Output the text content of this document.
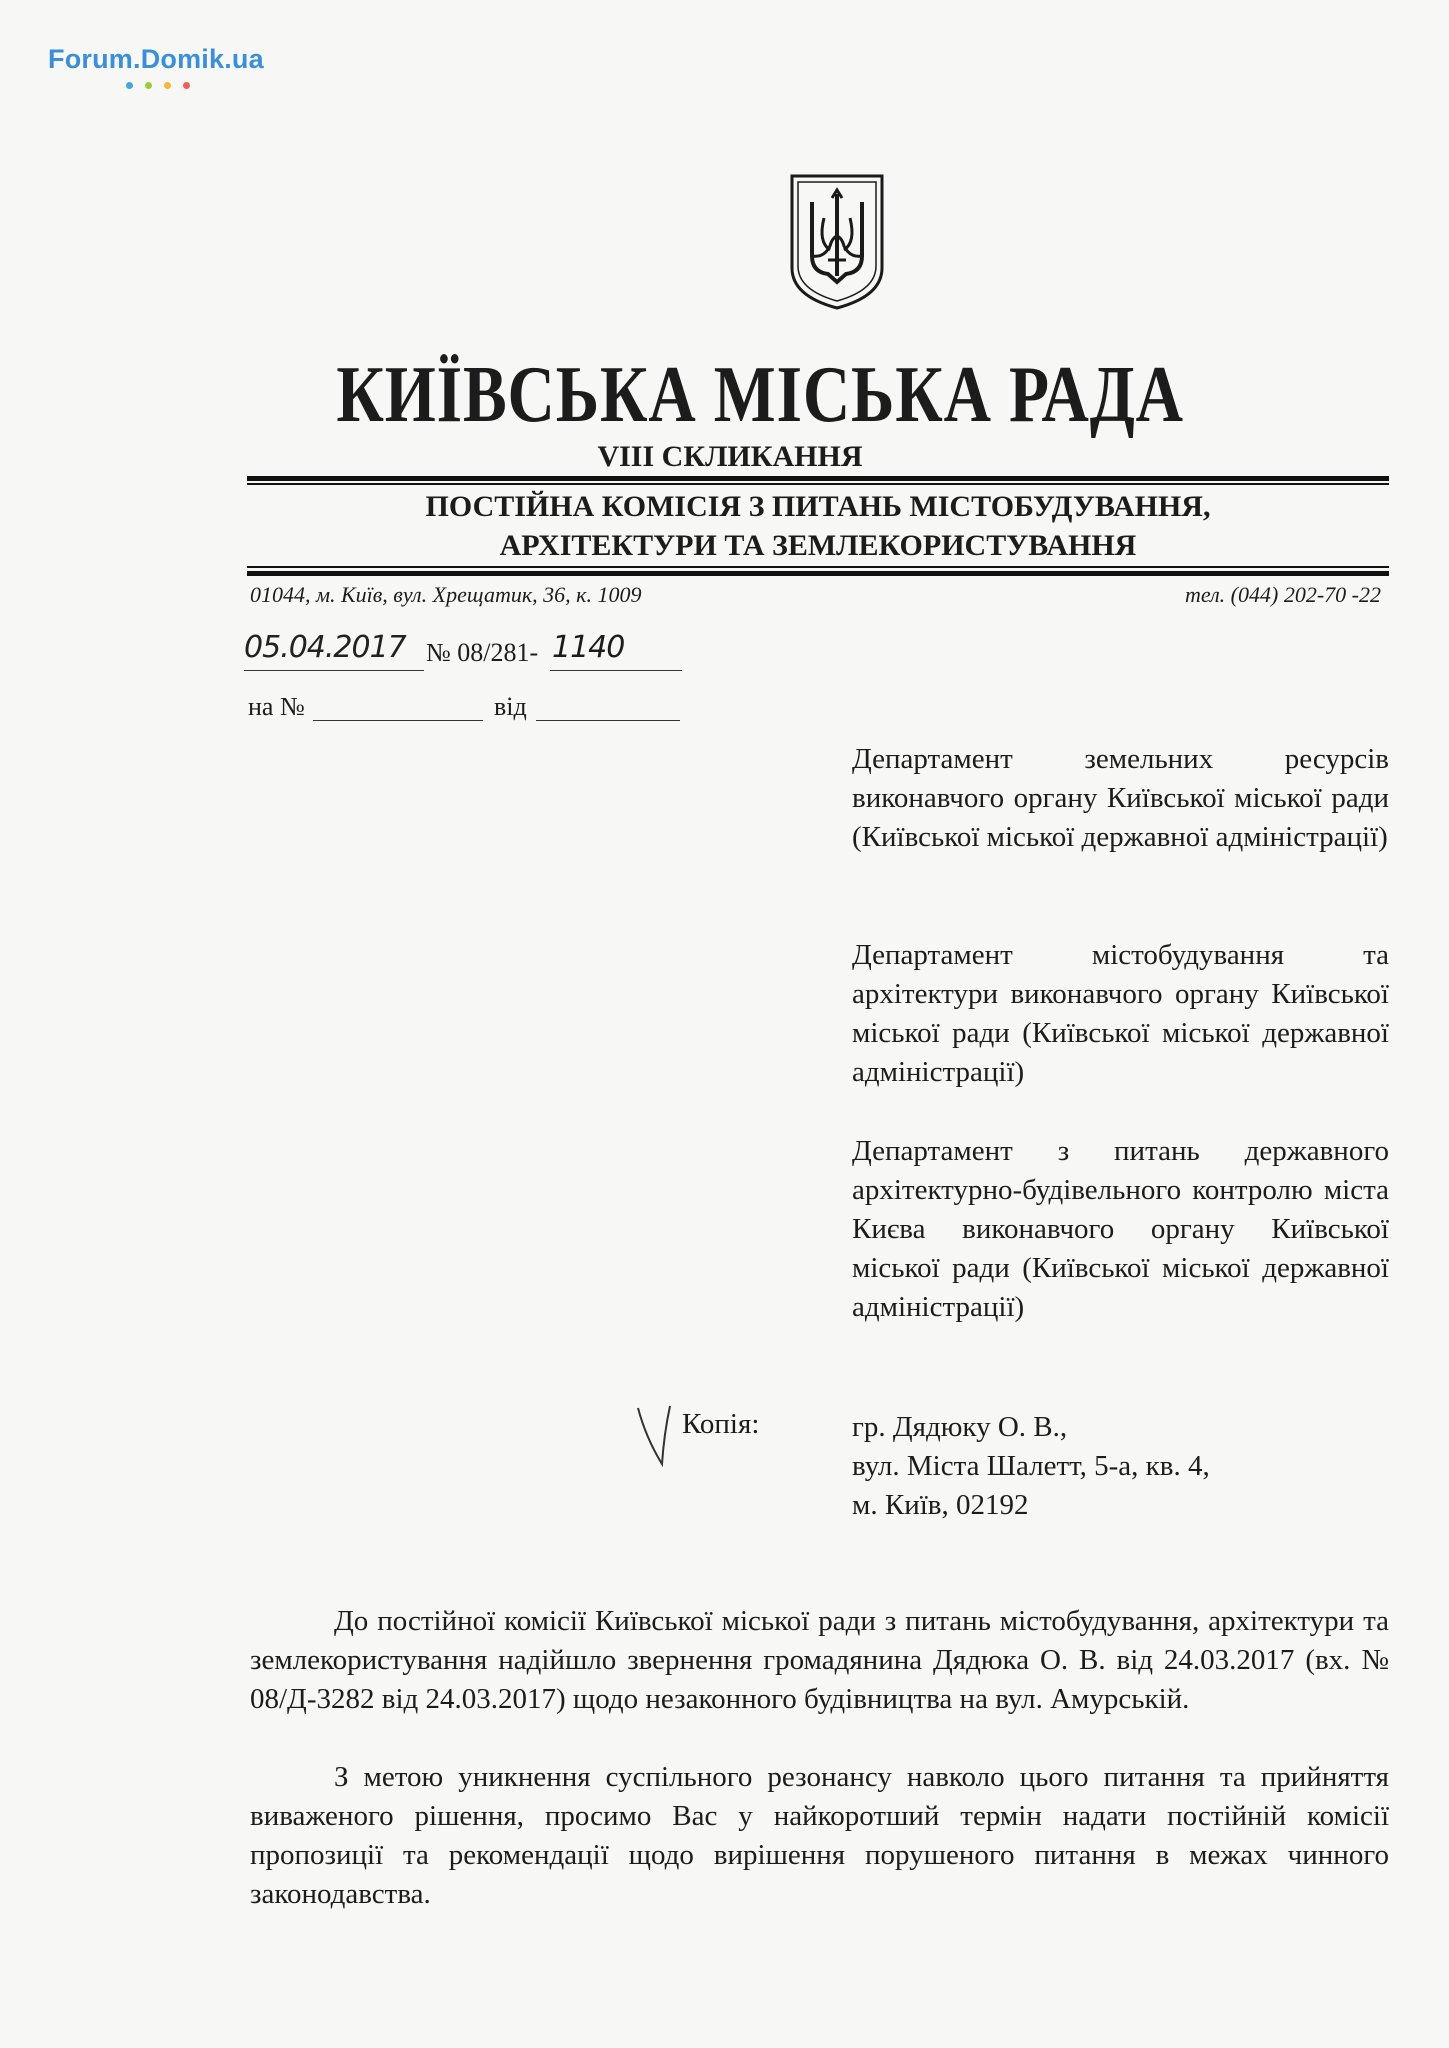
Forum.Domik.ua
КИЇВСЬКА МІСЬКА РАДА
VIII СКЛИКАННЯ
ПОСТІЙНА КОМІСІЯ З ПИТАНЬ МІСТОБУДУВАННЯ,
АРХІТЕКТУРИ ТА ЗЕМЛЕКОРИСТУВАННЯ
01044, м. Київ, вул. Хрещатик, 36, к. 1009	тел. (044) 202-70 -22
05.04.2017 № 08/281- 1140
на №	від
Департамент земельних ресурсів виконавчого органу Київської міської ради (Київської міської державної адміністрації)
Департамент містобудування та архітектури виконавчого органу Київської міської ради (Київської міської державної адміністрації)
Департамент з питань державного архітектурно-будівельного контролю міста Києва виконавчого органу Київської міської ради (Київської міської державної адміністрації)
Копія:	гр. Дядюку О. В.,
вул. Міста Шалетт, 5-а, кв. 4,
м. Київ, 02192
До постійної комісії Київської міської ради з питань містобудування, архітектури та землекористування надійшло звернення громадянина Дядюка О. В. від 24.03.2017 (вх. № 08/Д-3282 від 24.03.2017) щодо незаконного будівництва на вул. Амурській.
З метою уникнення суспільного резонансу навколо цього питання та прийняття виваженого рішення, просимо Вас у найкоротший термін надати постійній комісії пропозиції та рекомендації щодо вирішення порушеного питання в межах чинного законодавства.
